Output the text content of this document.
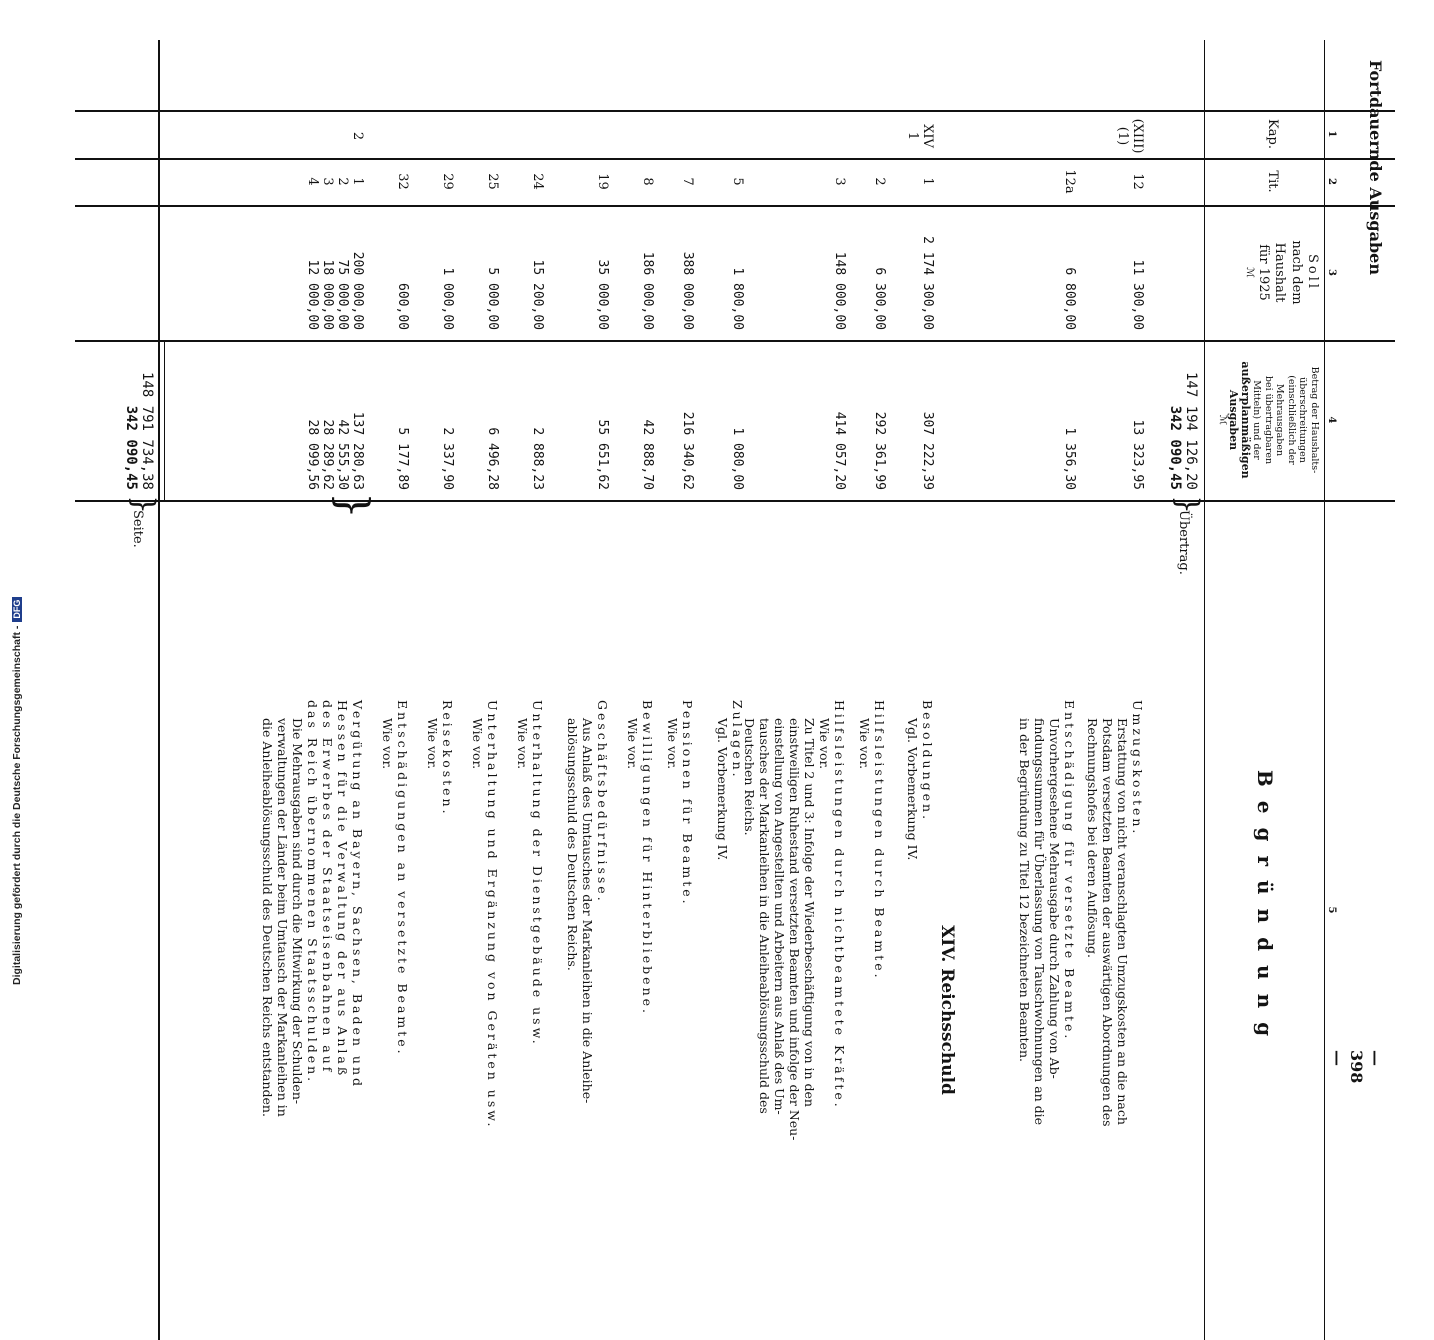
Digitalisierung gefördert durch die Deutsche Forschungsgemeinschaft -DFG
Fortdauernde Ausgaben
— 398 —
1
2
3
4
5
Kap.
Tit.
Soll
nach dem
Haushalt
für 1925
ℳ
Betrag der Haushalts-
überschreitungen
(einschließlich der
Mehrausgaben
bei übertragbaren
Mitteln) und der
außerplanmäßigen
Ausgaben
ℳ
Begründung
147 194 126,20
342 090,45
}
Übertrag.
(XIII)
(1)
12
11 300,00
13 323,95
Umzugskosten.
Erstattung von nicht veranschlagten Umzugskosten an die nach
Potsdam versetzten Beamten der auswärtigen Abordnungen des
Rechnungshofes bei deren Auflösung.
12a
6 800,00
1 356,30
Entschädigung für versetzte Beamte.
Unvorhergesehene Mehrausgabe durch Zahlung von Ab-
findungssummen für Überlassung von Tauschwohnungen an die
in der Begründung zu Titel 12 bezeichneten Beamten.
XIV
1
1
2 174 300,00
307 222,39
Besoldungen.
Vgl. Vorbemerkung IV.
2
6 300,00
292 361,99
Hilfsleistungen durch Beamte.
Wie vor.
3
148 000,00
414 057,20
Hilfsleistungen durch nichtbeamtete Kräfte.
Wie vor.
Zu Titel 2 und 3: Infolge der Wiederbeschäftigung von in den
einstweiligen Ruhestand versetzten Beamten und infolge der Neu-
einstellung von Angestellten und Arbeitern aus Anlaß des Um-
tausches der Markanleihen in die Anleiheablösungsschuld des
Deutschen Reichs.
5
1 800,00
1 080,00
Zulagen.
Vgl. Vorbemerkung IV.
7
388 000,00
216 340,62
Pensionen für Beamte.
Wie vor.
8
186 000,00
42 888,70
Bewilligungen für Hinterbliebene.
Wie vor.
19
35 000,00
55 651,62
Geschäftsbedürfnisse.
Aus Anlaß des Umtausches der Markanleihen in die Anleihe-
ablösungsschuld des Deutschen Reichs.
24
15 200,00
2 888,23
Unterhaltung der Dienstgebäude usw.
Wie vor.
25
5 000,00
6 496,28
Unterhaltung und Ergänzung von Geräten usw.
Wie vor.
29
1 000,00
2 337,90
Reisekosten.
Wie vor.
32
600,00
5 177,89
Entschädigungen an versetzte Beamte.
Wie vor.
2
1
2
3
4
200 000,00
75 000,00
18 000,00
12 000,00
137 280,63
42 555,30
28 289,62
28 099,56
}
Vergütung an Bayern, Sachsen, Baden und
Hessen für die Verwaltung der aus Anlaß
des Erwerbes der Staatseisenbahnen auf
das Reich übernommenen Staatsschulden.
Die Mehrausgaben sind durch die Mitwirkung der Schulden-
verwaltungen der Länder beim Umtausch der Markanleihen in
die Anleiheablösungsschuld des Deutschen Reichs entstanden.	XIV. Reichsschuld
148 791 734,38
342 090,45
}
Seite.
